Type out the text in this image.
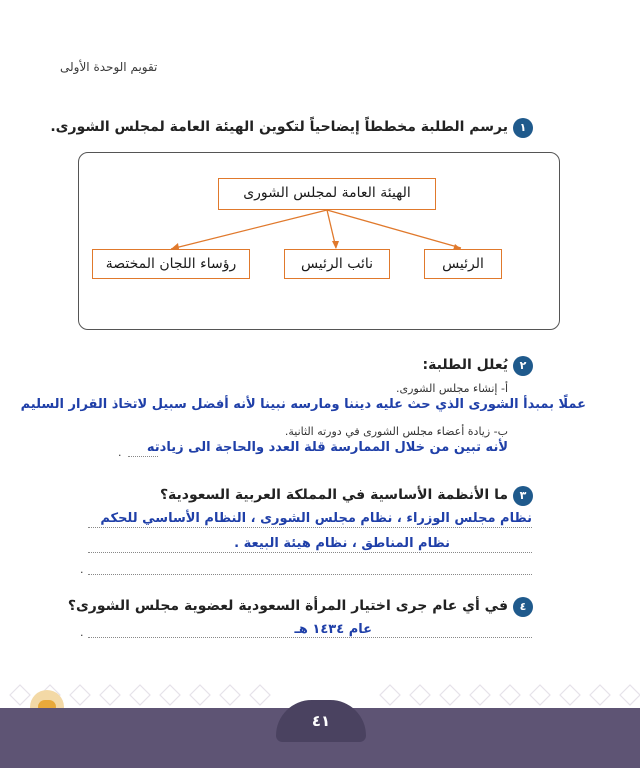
تقويم الوحدة الأولى
١
يرسم الطلبة مخططاً إيضاحياً لتكوين الهيئة العامة لمجلس الشورى.
الهيئة العامة لمجلس الشورى
رؤساء اللجان المختصة	نائب الرئيس	الرئيس
٢
يُعلل الطلبة:
أ- إنشاء مجلس الشورى.
عملًا بمبدأ الشورى الذي حث عليه ديننا ومارسه نبينا لأنه أفضل سبيل لاتخاذ القرار السليم
ب- زيادة أعضاء مجلس الشورى في دورته الثانية.
لأنه تبين من خلال الممارسة قلة العدد والحاجة الى زيادته
.
٣
ما الأنظمة الأساسية في المملكة العربية السعودية؟
نظام مجلس الوزراء ، نظام مجلس الشورى ، النظام الأساسي للحكم
نظام المناطق ، نظام هيئة البيعة .
.
٤
في أي عام جرى اختيار المرأة السعودية لعضوية مجلس الشورى؟
عام ١٤٣٤ هـ
.
٤١
